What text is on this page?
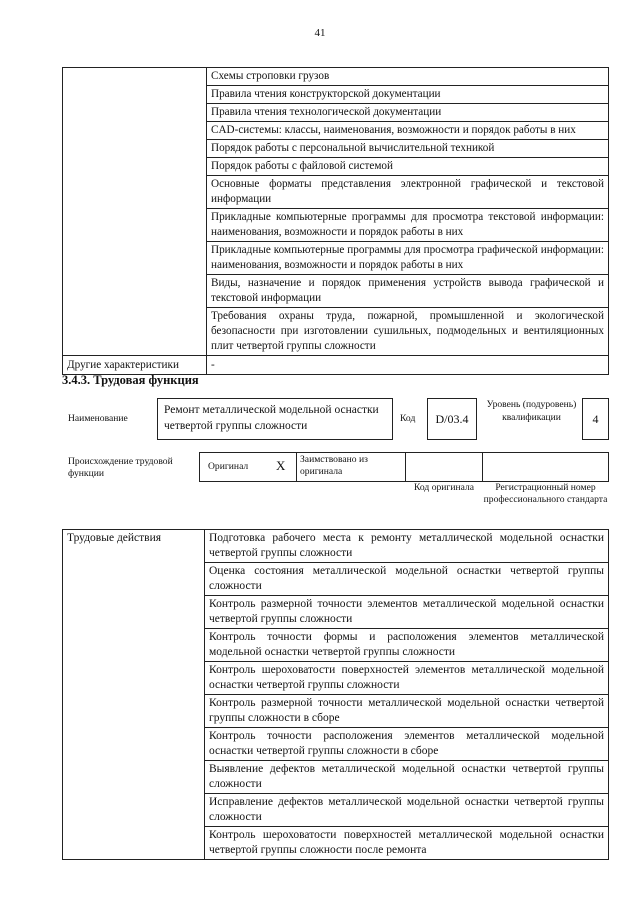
41
	Схемы строповки грузов
	Правила чтения конструкторской документации
	Правила чтения технологической документации
	CAD-системы: классы, наименования, возможности и порядок работы в них
	Порядок работы с персональной вычислительной техникой
	Порядок работы с файловой системой
	Основные форматы представления электронной графической и текстовой информации
	Прикладные компьютерные программы для просмотра текстовой информации: наименования, возможности и порядок работы в них
	Прикладные компьютерные программы для просмотра графической информации: наименования, возможности и порядок работы в них
	Виды, назначение и порядок применения устройств вывода графической и текстовой информации
	Требования охраны труда, пожарной, промышленной и экологической безопасности при изготовлении сушильных, подмодельных и вентиляционных плит четвертой группы сложности
Другие характеристики	-
3.4.3. Трудовая функция
Наименование
Ремонт металлической модельной оснастки четвертой группы сложности
Код	D/03.4
Уровень (подуровень) квалификации	4
Происхождение трудовой функции
Оригинал X	Заимствовано из оригинала
Код оригинала	Регистрационный номер профессионального стандарта
Трудовые действия	Подготовка рабочего места к ремонту металлической модельной оснастки четвертой группы сложности
Оценка состояния металлической модельной оснастки четвертой группы сложности
Контроль размерной точности элементов металлической модельной оснастки четвертой группы сложности
Контроль точности формы и расположения элементов металлической модельной оснастки четвертой группы сложности
Контроль шероховатости поверхностей элементов металлической модельной оснастки четвертой группы сложности
Контроль размерной точности металлической модельной оснастки четвертой группы сложности в сборе
Контроль точности расположения элементов металлической модельной оснастки четвертой группы сложности в сборе
Выявление дефектов металлической модельной оснастки четвертой группы сложности
Исправление дефектов металлической модельной оснастки четвертой группы сложности
Контроль шероховатости поверхностей металлической модельной оснастки четвертой группы сложности после ремонта
